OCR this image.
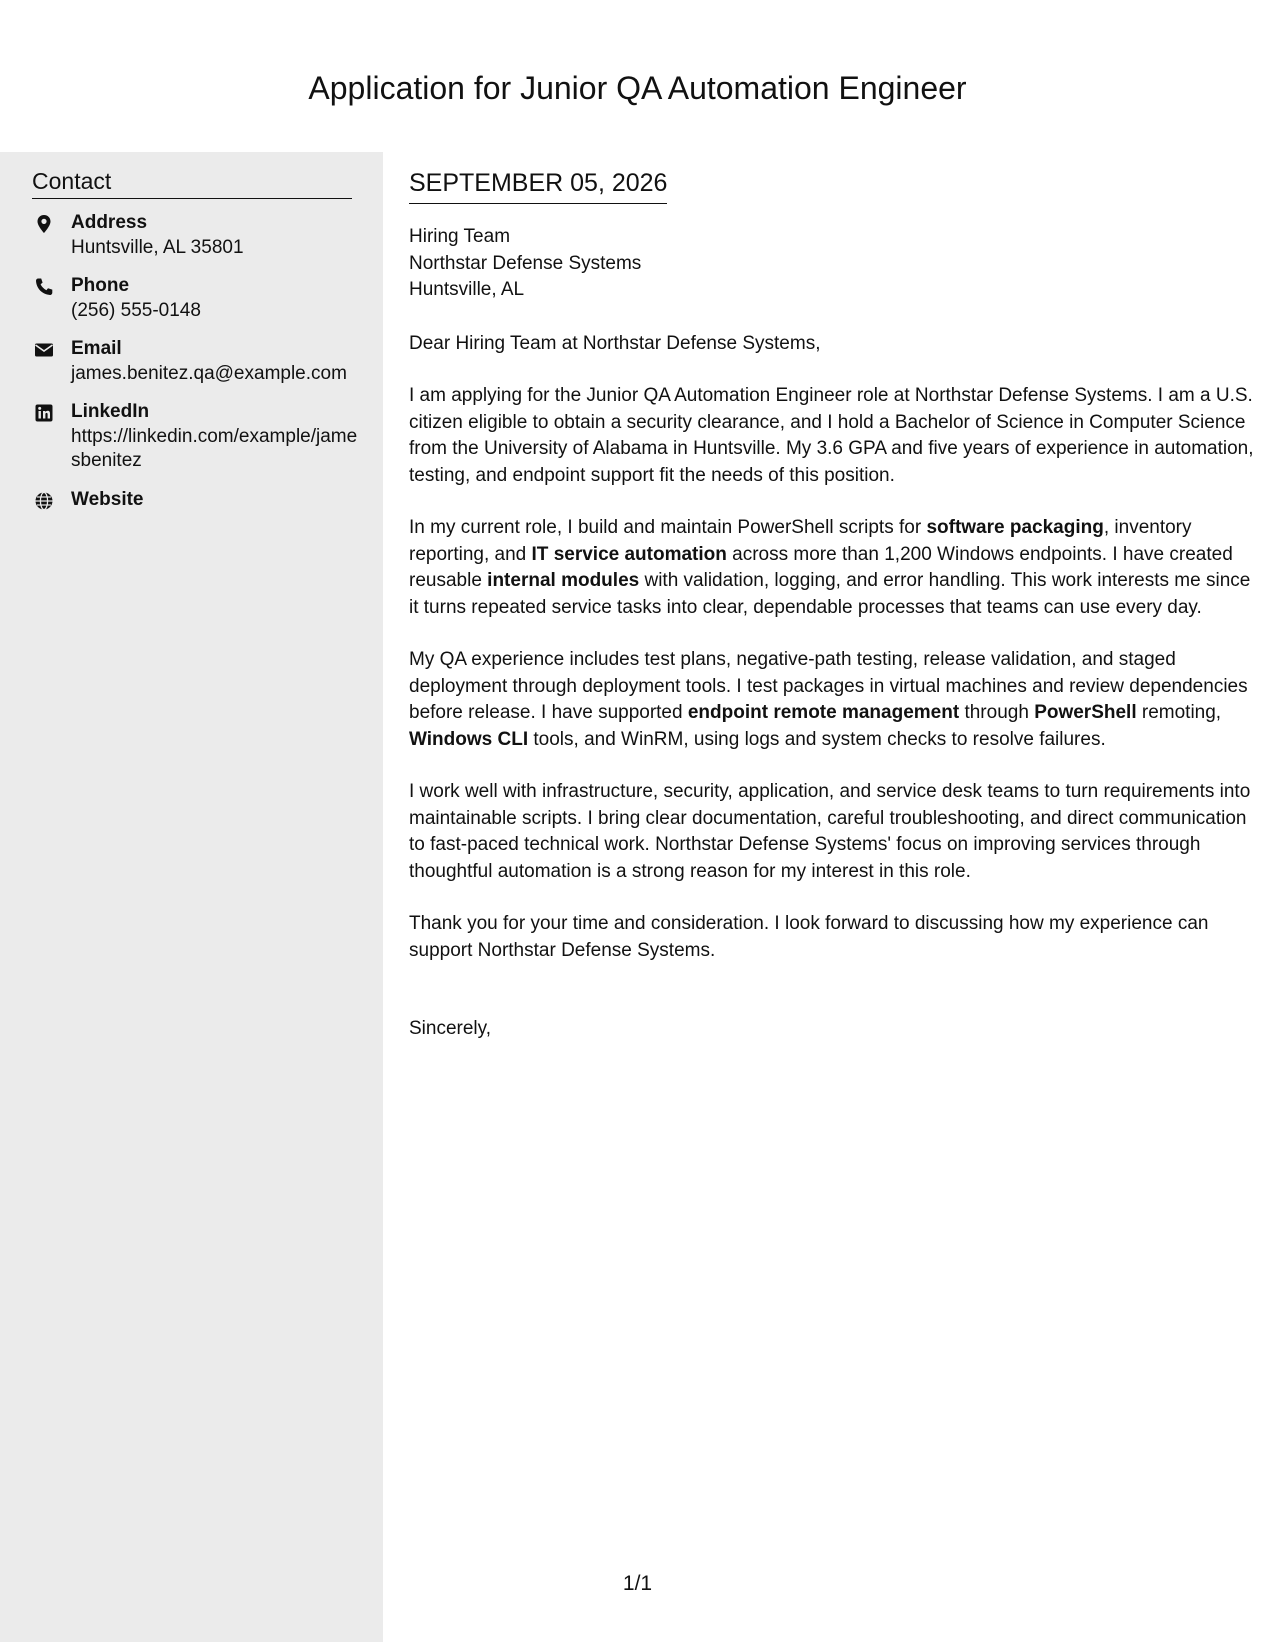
Application for Junior QA Automation Engineer
Contact
Address
Huntsville, AL 35801
Phone
(256) 555-0148
Email
james.benitez.qa@example.com
LinkedIn
https://linkedin.com/example/jamesbenitez
Website
SEPTEMBER 05, 2026
Hiring Team
Northstar Defense Systems
Huntsville, AL
Dear Hiring Team at Northstar Defense Systems,
I am applying for the Junior QA Automation Engineer role at Northstar Defense Systems. I am a U.S. citizen eligible to obtain a security clearance, and I hold a Bachelor of Science in Computer Science from the University of Alabama in Huntsville. My 3.6 GPA and five years of experience in automation, testing, and endpoint support fit the needs of this position.
In my current role, I build and maintain PowerShell scripts for software packaging, inventory reporting, and IT service automation across more than 1,200 Windows endpoints. I have created reusable internal modules with validation, logging, and error handling. This work interests me since it turns repeated service tasks into clear, dependable processes that teams can use every day.
My QA experience includes test plans, negative-path testing, release validation, and staged deployment through deployment tools. I test packages in virtual machines and review dependencies before release. I have supported endpoint remote management through PowerShell remoting, Windows CLI tools, and WinRM, using logs and system checks to resolve failures.
I work well with infrastructure, security, application, and service desk teams to turn requirements into maintainable scripts. I bring clear documentation, careful troubleshooting, and direct communication to fast-paced technical work. Northstar Defense Systems' focus on improving services through thoughtful automation is a strong reason for my interest in this role.
Thank you for your time and consideration. I look forward to discussing how my experience can support Northstar Defense Systems.
Sincerely,
1/1
